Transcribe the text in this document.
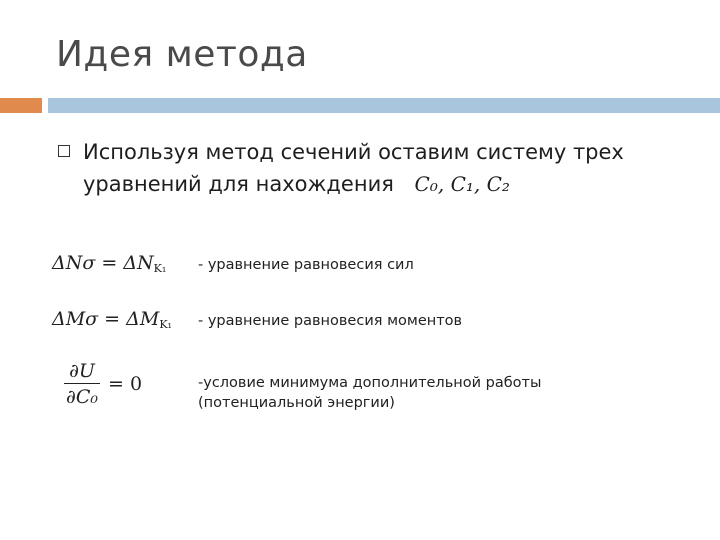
Идея метода
Используя метод сечений оставим систему трех уравнений для нахождения C₀, C₁, C₂
$\Delta N\sigma = \Delta N_{K_1}$ - уравнение равновесия сил
$\Delta M\sigma = \Delta M_{K_1}$ - уравнение равновесия моментов
$\frac{\partial U}{\text{∂C₀}} = 0$	-условие минимума дополнительной работы (потенциальной энергии)
